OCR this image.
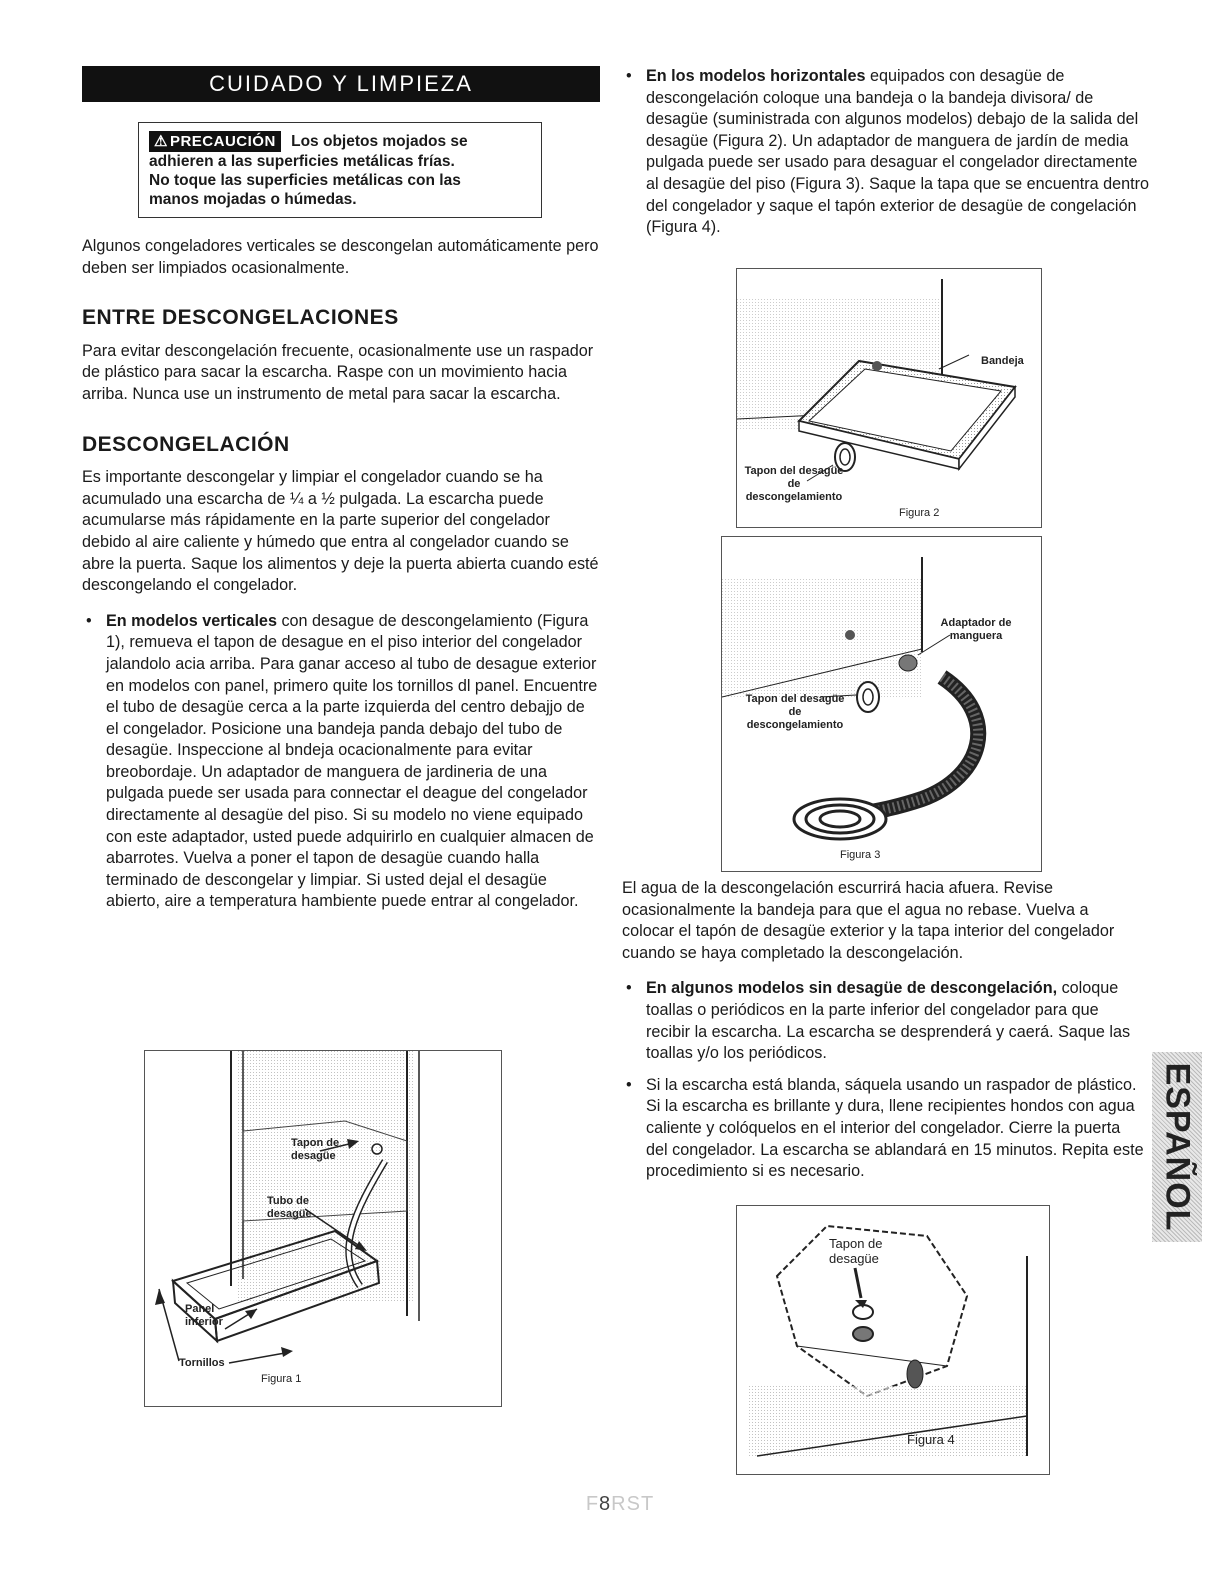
CUIDADO Y LIMPIEZA
⚠ PRECAUCIÓN Los objetos mojados se
adhieren a las superficies metálicas frías.
No toque las superficies metálicas con las
manos mojadas o húmedas.

Algunos congeladores verticales se descongelan automáticamente pero deben ser limpiados ocasionalmente.

ENTRE DESCONGELACIONES

Para evitar descongelación frecuente, ocasionalmente use un raspador de plástico para sacar la escarcha. Raspe con un movimiento hacia arriba. Nunca use un instrumento de metal para sacar la escarcha.

DESCONGELACIÓN

Es importante descongelar y limpiar el congelador cuando se ha acumulado una escarcha de ¼ a ½ pulgada. La escarcha puede acumularse más rápidamente en la parte superior del congelador debido al aire caliente y húmedo que entra al congelador cuando se abre la puerta. Saque los alimentos y deje la puerta abierta cuando esté descongelando el congelador.

• En modelos verticales con desague de descongelamiento (Figura 1), remueva el tapon de desague en el piso interior del congelador jalandolo acia arriba. Para ganar acceso al tubo de desague exterior en modelos con panel, primero quite los tornillos dl panel. Encuentre el tubo de desagüe cerca a la parte izquierda del centro debajjo de el congelador. Posicione una bandeja panda debajo del tubo de desagüe. Inspeccione al bndeja ocacionalmente para evitar breobordaje. Un adaptador de manguera de jardineria de una pulgada puede ser usada para connectar el deague del congelador directamente al desagüe del piso. Si su modelo no viene equipado con este adaptador, usted puede adquirirlo en cualquier almacen de abarrotes. Vuelva a poner el tapon de desagüe cuando halla terminado de descongelar y limpiar. Si usted dejal el desagüe abierto, aire a temperatura hambiente puede entrar al congelador.
• En los modelos horizontales equipados con desagüe de descongelación coloque una bandeja o la bandeja divisora/ de desagüe (suministrada con algunos modelos) debajo de la salida del desagüe (Figura 2). Un adaptador de manguera de jardín de media pulgada puede ser usado para desaguar el congelador directamente al desagüe del piso (Figura 3). Saque la tapa que se encuentra dentro del congelador y saque el tapón exterior de desagüe de congelación (Figura 4).

El agua de la descongelación escurrirá hacia afuera. Revise ocasionalmente la bandeja para que el agua no rebase. Vuelva a colocar el tapón de desagüe exterior y la tapa interior del congelador cuando se haya completado la descongelación.

• En algunos modelos sin desagüe de descongelación, coloque toallas o periódicos en la parte inferior del congelador para que recibir la escarcha. La escarcha se desprenderá y caerá. Saque las toallas y/o los periódicos.
• Si la escarcha está blanda, sáquela usando un raspador de plástico. Si la escarcha es brillante y dura, llene recipientes hondos con agua caliente y colóquelos en el interior del congelador. Cierre la puerta del congelador. La escarcha se ablandará en 15 minutos. Repita este procedimiento si es necesario.
Tapon de desagüe
Tubo de desagüe
Panel inferior
Tornillos
Figura 1
Bandeja
Tapon del desagüe de descongelamiento
Figura 2
Adaptador de manguera
Tapon del desagüe de descongelamiento
Figura 3
Tapon de desagüe
Figura 4
ESPAÑOL
F8RST
